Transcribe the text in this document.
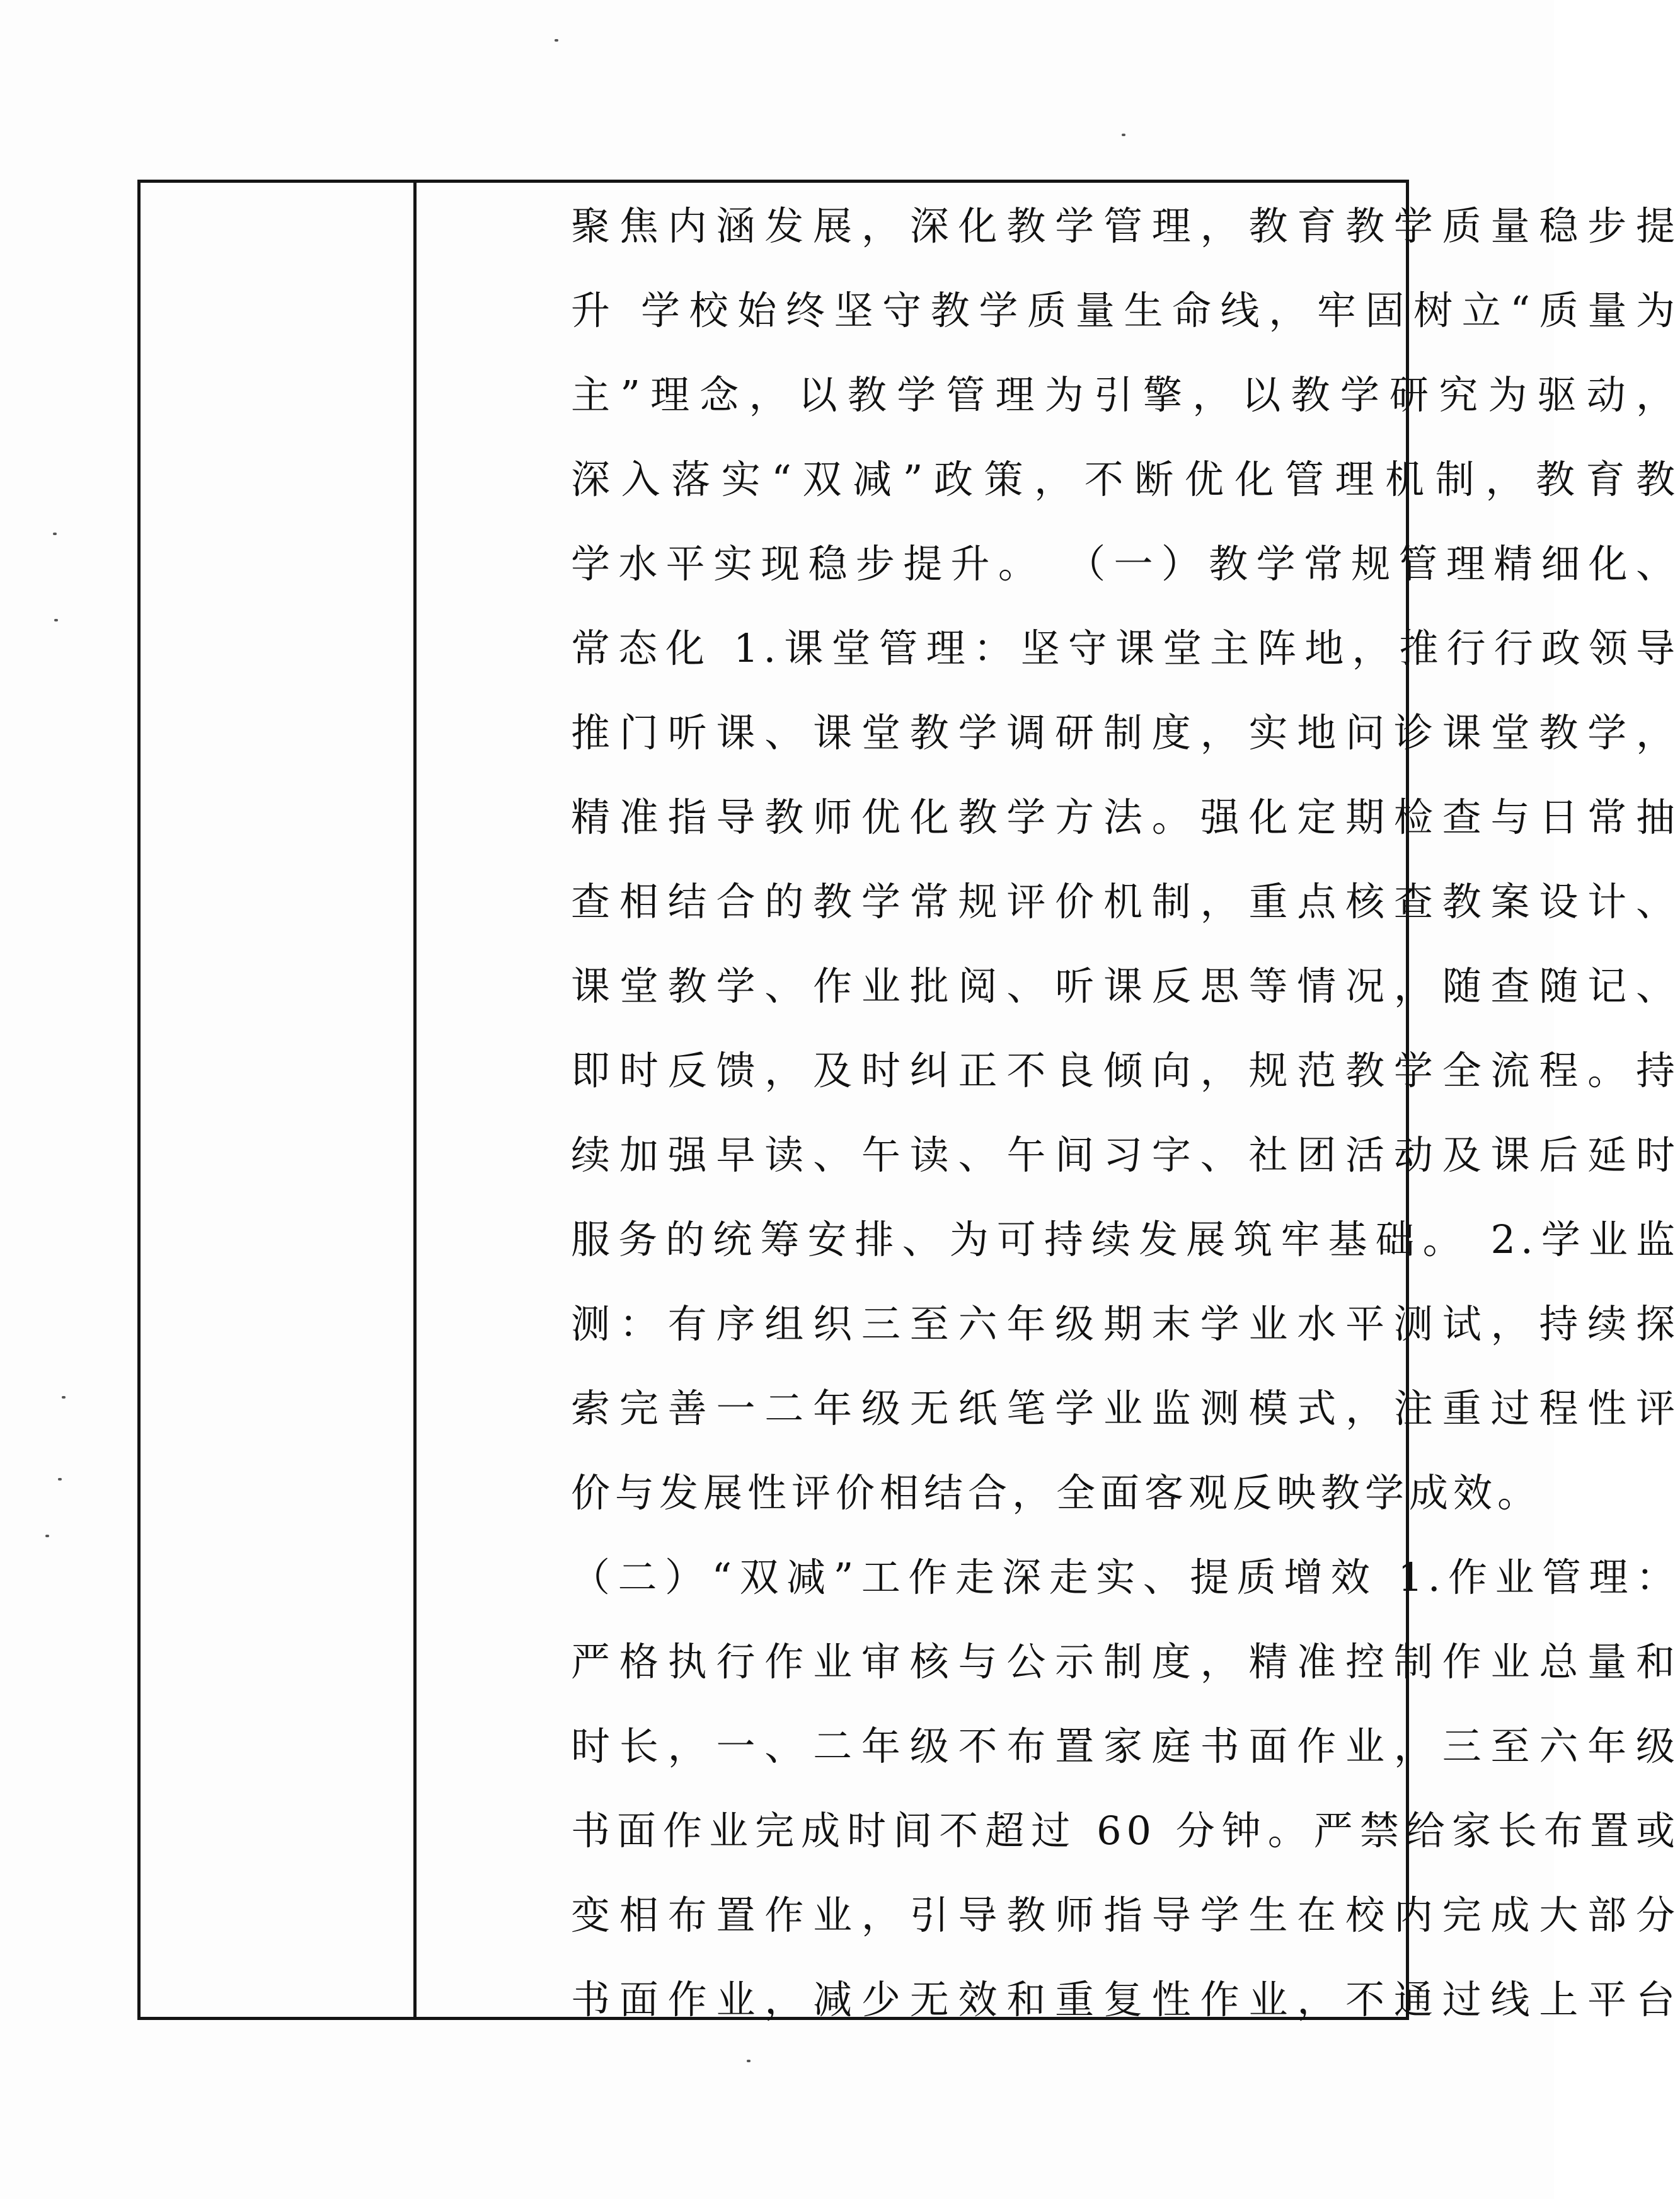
聚焦内涵发展，深化教学管理，教育教学质量稳步提
升 学校始终坚守教学质量生命线，牢固树立“质量为
主”理念，以教学管理为引擎，以教学研究为驱动，
深入落实“双减”政策，不断优化管理机制，教育教
学水平实现稳步提升。 （一）教学常规管理精细化、
常态化 1.课堂管理：坚守课堂主阵地，推行行政领导
推门听课、课堂教学调研制度，实地问诊课堂教学，
精准指导教师优化教学方法。强化定期检查与日常抽
查相结合的教学常规评价机制，重点核查教案设计、
课堂教学、作业批阅、听课反思等情况，随查随记、
即时反馈，及时纠正不良倾向，规范教学全流程。持
续加强早读、午读、午间习字、社团活动及课后延时
服务的统筹安排、为可持续发展筑牢基础。 2.学业监
测：有序组织三至六年级期末学业水平测试，持续探
索完善一二年级无纸笔学业监测模式，注重过程性评
价与发展性评价相结合，全面客观反映教学成效。
（二）“双减”工作走深走实、提质增效 1.作业管理：
严格执行作业审核与公示制度，精准控制作业总量和
时长，一、二年级不布置家庭书面作业，三至六年级
书面作业完成时间不超过 60 分钟。严禁给家长布置或
变相布置作业，引导教师指导学生在校内完成大部分
书面作业，减少无效和重复性作业，不通过线上平台
